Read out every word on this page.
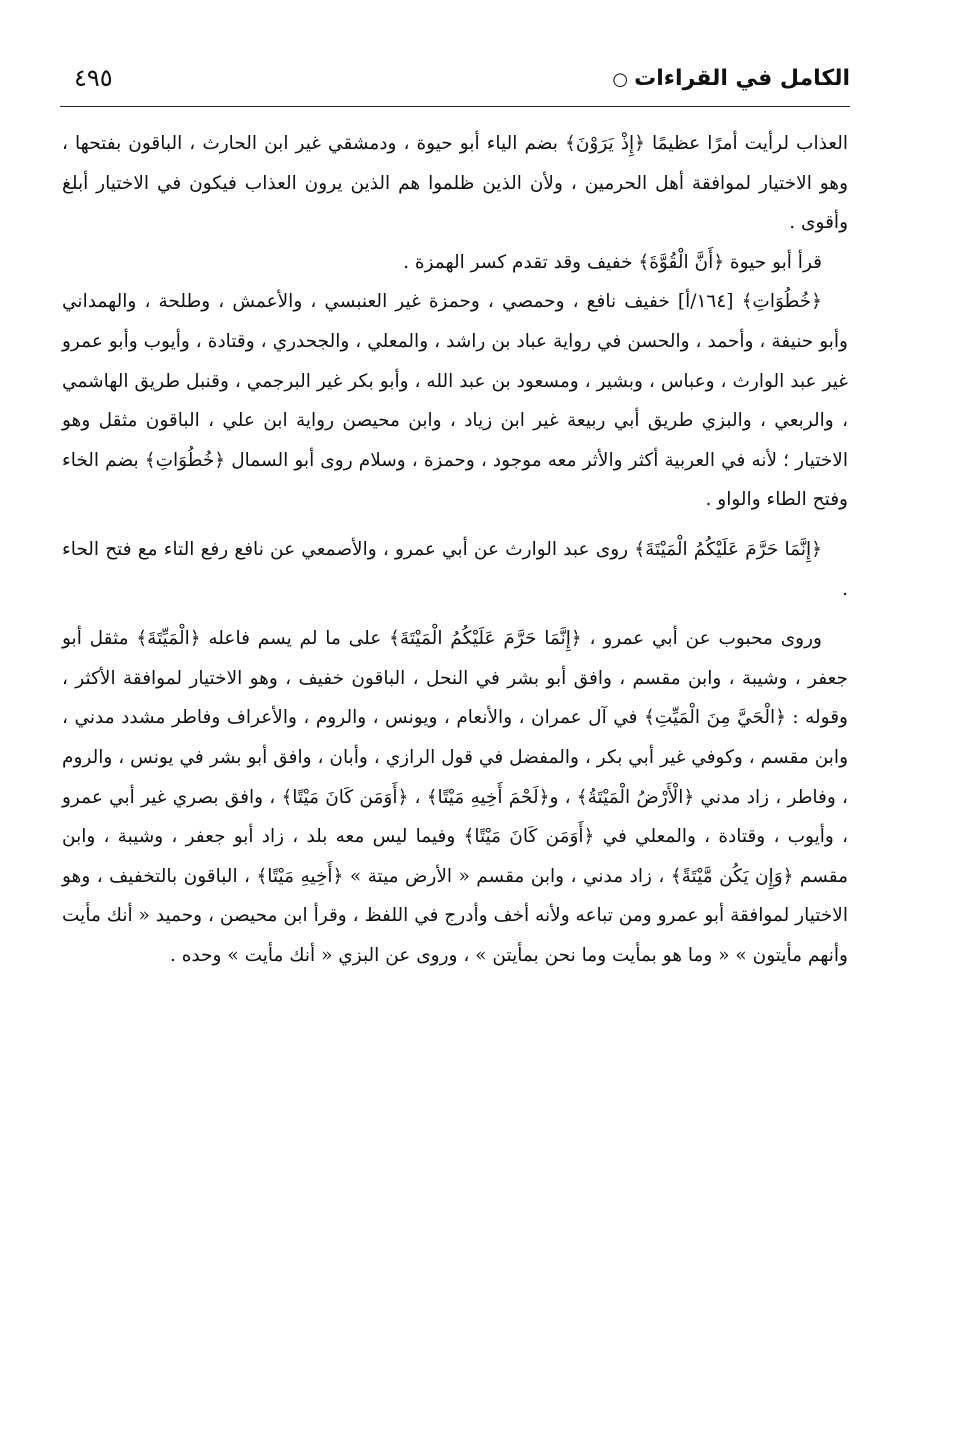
الكامل في القراءات○
٤٩٥

العذاب لرأيت أمرًا عظيمًا ﴿إِذْ يَرَوْنَ﴾ بضم الياء أبو حيوة ، ودمشقي غير ابن الحارث ، الباقون بفتحها ، وهو الاختيار لموافقة أهل الحرمين ، ولأن الذين ظلموا هم الذين يرون العذاب فيكون في الاختيار أبلغ وأقوى .

قرأ أبو حيوة ﴿أَنَّ الْقُوَّةَ﴾ خفيف وقد تقدم كسر الهمزة .

﴿خُطُوَاتِ﴾ [١٦٤/أ] خفيف نافع ، وحمصي ، وحمزة غير العنبسي ، والأعمش ، وطلحة ، والهمداني وأبو حنيفة ، وأحمد ، والحسن في رواية عباد بن راشد ، والمعلي ، والجحدري ، وقتادة ، وأيوب وأبو عمرو غير عبد الوارث ، وعباس ، وبشير ، ومسعود بن عبد الله ، وأبو بكر غير البرجمي ، وقنبل طريق الهاشمي ، والربعي ، والبزي طريق أبي ربيعة غير ابن زياد ، وابن محيصن رواية ابن علي ، الباقون مثقل وهو الاختيار ؛ لأنه في العربية أكثر والأثر معه موجود ، وحمزة ، وسلام روى أبو السمال ﴿خُطُوَاتِ﴾ بضم الخاء وفتح الطاء والواو .

﴿إِنَّمَا حَرَّمَ عَلَيْكُمُ الْمَيْتَةَ﴾ روى عبد الوارث عن أبي عمرو ، والأصمعي عن نافع رفع التاء مع فتح الحاء .

وروى محبوب عن أبي عمرو ، ﴿إِنَّمَا حَرَّمَ عَلَيْكُمُ الْمَيْتَةَ﴾ على ما لم يسم فاعله ﴿الْمَيِّتَةَ﴾ مثقل أبو جعفر ، وشيبة ، وابن مقسم ، وافق أبو بشر في النحل ، الباقون خفيف ، وهو الاختيار لموافقة الأكثر ، وقوله : ﴿الْحَيَّ مِنَ الْمَيِّتِ﴾ في آل عمران ، والأنعام ، ويونس ، والروم ، والأعراف وفاطر مشدد مدني ، وابن مقسم ، وكوفي غير أبي بكر ، والمفضل في قول الرازي ، وأبان ، وافق أبو بشر في يونس ، والروم ، وفاطر ، زاد مدني ﴿الْأَرْضُ الْمَيْتَةُ﴾ ، و﴿لَحْمَ أَخِيهِ مَيْتًا﴾ ، ﴿أَوَمَن كَانَ مَيْتًا﴾ ، وافق بصري غير أبي عمرو ، وأيوب ، وقتادة ، والمعلي في ﴿أَوَمَن كَانَ مَيْتًا﴾ وفيما ليس معه بلد ، زاد أبو جعفر ، وشيبة ، وابن مقسم ﴿وَإِن يَكُن مَّيْتَةً﴾ ، زاد مدني ، وابن مقسم « الأرض ميتة » ﴿أَخِيهِ مَيْتًا﴾ ، الباقون بالتخفيف ، وهو الاختيار لموافقة أبو عمرو ومن تباعه ولأنه أخف وأدرج في اللفظ ، وقرأ ابن محيصن ، وحميد « أنك مأيت وأنهم مأيتون » « وما هو بمأيت وما نحن بمأيتن » ، وروى عن البزي « أنك مأيت » وحده .
